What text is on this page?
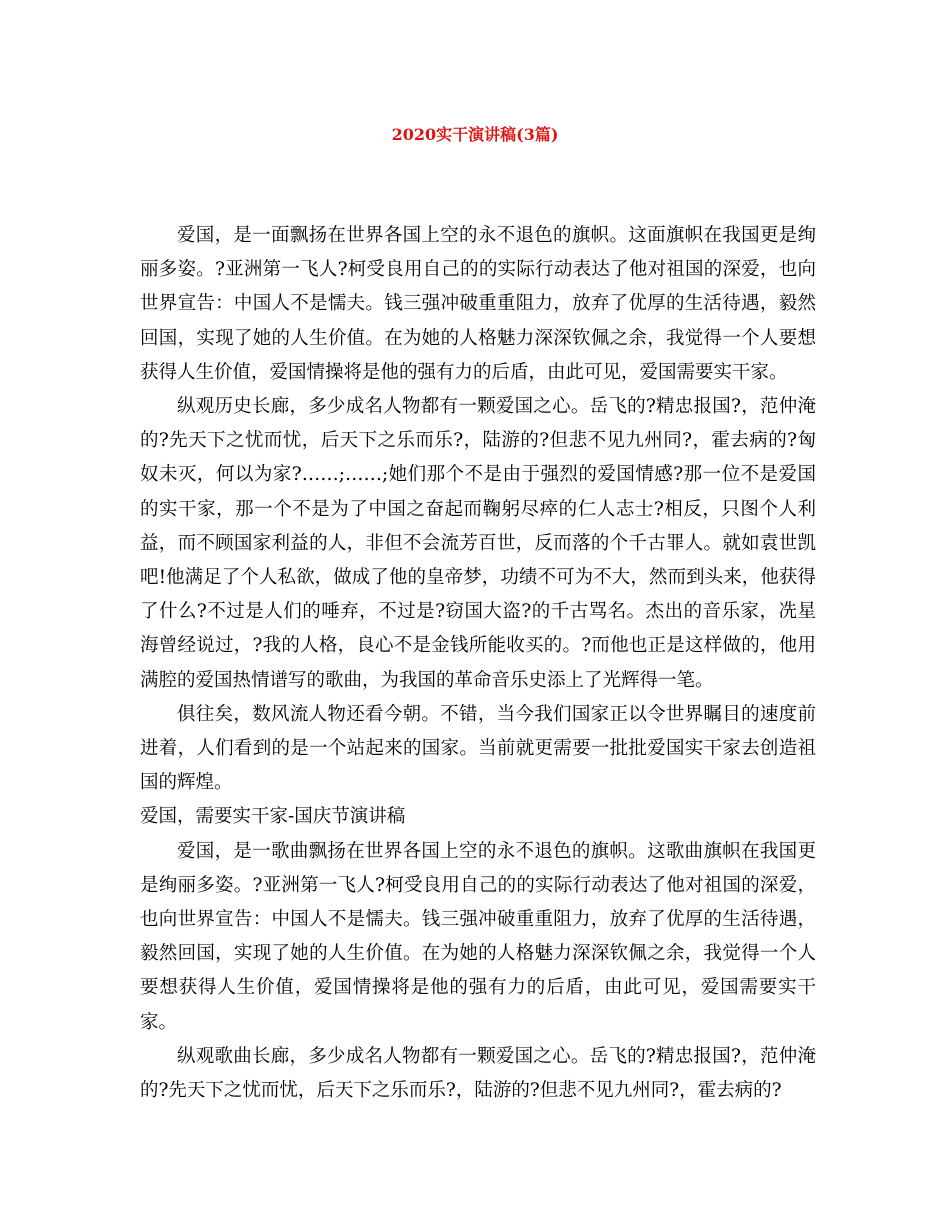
2020实干演讲稿(3篇)

爱国，是一面飘扬在世界各国上空的永不退色的旗帜。这面旗帜在我国更是绚丽多姿。?亚洲第一飞人?柯受良用自己的的实际行动表达了他对祖国的深爱，也向世界宣告：中国人不是懦夫。钱三强冲破重重阻力，放弃了优厚的生活待遇，毅然回国，实现了她的人生价值。在为她的人格魅力深深钦佩之余，我觉得一个人要想获得人生价值，爱国情操将是他的强有力的后盾，由此可见，爱国需要实干家。

纵观历史长廊，多少成名人物都有一颗爱国之心。岳飞的?精忠报国?，范仲淹的?先天下之忧而忧，后天下之乐而乐?，陆游的?但悲不见九州同?，霍去病的?匈奴未灭，何以为家?……;……;她们那个不是由于强烈的爱国情感?那一位不是爱国的实干家，那一个不是为了中国之奋起而鞠躬尽瘁的仁人志士?相反，只图个人利益，而不顾国家利益的人，非但不会流芳百世，反而落的个千古罪人。就如袁世凯吧!他满足了个人私欲，做成了他的皇帝梦，功绩不可为不大，然而到头来，他获得了什么?不过是人们的唾弃，不过是?窃国大盗?的千古骂名。杰出的音乐家，冼星海曾经说过，?我的人格，良心不是金钱所能收买的。?而他也正是这样做的，他用满腔的爱国热情谱写的歌曲，为我国的革命音乐史添上了光辉得一笔。

俱往矣，数风流人物还看今朝。不错，当今我们国家正以令世界瞩目的速度前进着，人们看到的是一个站起来的国家。当前就更需要一批批爱国实干家去创造祖国的辉煌。

爱国，需要实干家-国庆节演讲稿

爱国，是一歌曲飘扬在世界各国上空的永不退色的旗帜。这歌曲旗帜在我国更是绚丽多姿。?亚洲第一飞人?柯受良用自己的的实际行动表达了他对祖国的深爱，也向世界宣告：中国人不是懦夫。钱三强冲破重重阻力，放弃了优厚的生活待遇，毅然回国，实现了她的人生价值。在为她的人格魅力深深钦佩之余，我觉得一个人要想获得人生价值，爱国情操将是他的强有力的后盾，由此可见，爱国需要实干家。

纵观歌曲长廊，多少成名人物都有一颗爱国之心。岳飞的?精忠报国?，范仲淹的?先天下之忧而忧，后天下之乐而乐?，陆游的?但悲不见九州同?，霍去病的?
